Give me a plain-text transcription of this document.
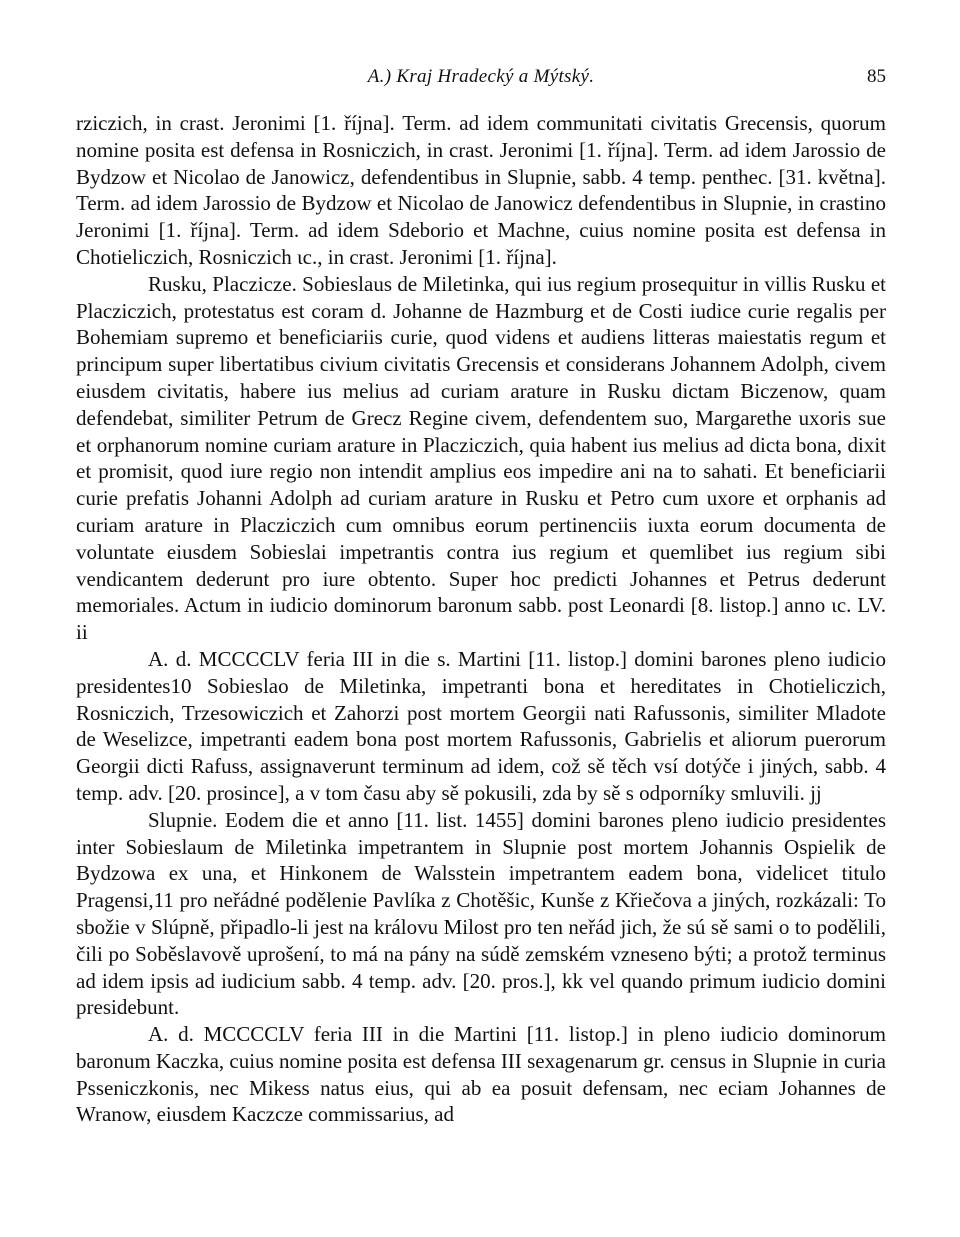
A.) Kraj Hradecký a Mýtský.	85

rziczich, in crast. Jeronimi [1. října]. Term. ad idem communitati civitatis Grecensis, quorum nomine posita est defensa in Rosniczich, in crast. Jeronimi [1. října]. Term. ad idem Jarossio de Bydzow et Nicolao de Janowicz, defendentibus in Slupnie, sabb. 4 temp. penthec. [31. května]. Term. ad idem Jarossio de Bydzow et Nicolao de Janowicz defendentibus in Slupnie, in crastino Jeronimi [1. října]. Term. ad idem Sdeborio et Machne, cuius nomine posita est defensa in Chotieliczich, Rosniczich ɩc., in crast. Jeronimi [1. října].

Rusku, Placzicze. Sobieslaus de Miletinka, qui ius regium prosequitur in villis Rusku et Placziczich, protestatus est coram d. Johanne de Hazmburg et de Costi iudice curie regalis per Bohemiam supremo et beneficiariis curie, quod videns et audiens litteras maiestatis regum et principum super libertatibus civium civitatis Grecensis et considerans Johannem Adolph, civem eiusdem civitatis, habere ius melius ad curiam arature in Rusku dictam Biczenow, quam defendebat, similiter Petrum de Grecz Regine civem, defendentem suo, Margarethe uxoris sue et orphanorum nomine curiam arature in Placziczich, quia habent ius melius ad dicta bona, dixit et promisit, quod iure regio non intendit amplius eos impedire ani na to sahati. Et beneficiarii curie prefatis Johanni Adolph ad curiam arature in Rusku et Petro cum uxore et orphanis ad curiam arature in Placziczich cum omnibus eorum pertinenciis iuxta eorum documenta de voluntate eiusdem Sobieslai impetrantis contra ius regium et quemlibet ius regium sibi vendicantem dederunt pro iure obtento. Super hoc predicti Johannes et Petrus dederunt memoriales. Actum in iudicio dominorum baronum sabb. post Leonardi [8. listop.] anno ɩc. LV. ii

A. d. MCCCCLV feria III in die s. Martini [11. listop.] domini barones pleno iudicio presidentes10 Sobieslao de Miletinka, impetranti bona et hereditates in Chotieliczich, Rosniczich, Trzesowiczich et Zahorzi post mortem Georgii nati Rafussonis, similiter Mladote de Weselizce, impetranti eadem bona post mortem Rafussonis, Gabrielis et aliorum puerorum Georgii dicti Rafuss, assignaverunt terminum ad idem, což sě těch vsí dotýče i jiných, sabb. 4 temp. adv. [20. prosince], a v tom času aby sě pokusili, zda by sě s odporníky smluvili. jj

Slupnie. Eodem die et anno [11. list. 1455] domini barones pleno iudicio presidentes inter Sobieslaum de Miletinka impetrantem in Slupnie post mortem Johannis Ospielik de Bydzowa ex una, et Hinkonem de Walsstein impetrantem eadem bona, videlicet titulo Pragensi,11 pro neřádné podělenie Pavlíka z Chotěšic, Kunše z Křiečova a jiných, rozkázali: To sbožie v Slúpně, připadlo-li jest na královu Milost pro ten neřád jich, že sú sě sami o to podělili, čili po Soběslavově uprošení, to má na pány na súdě zemském vzneseno býti; a protož terminus ad idem ipsis ad iudicium sabb. 4 temp. adv. [20. pros.], kk vel quando primum iudicio domini presidebunt.

A. d. MCCCCLV feria III in die Martini [11. listop.] in pleno iudicio dominorum baronum Kaczka, cuius nomine posita est defensa III sexagenarum gr. census in Slupnie in curia Psseniczkonis, nec Mikess natus eius, qui ab ea posuit defensam, nec eciam Johannes de Wranow, eiusdem Kaczcze commissarius, ad
